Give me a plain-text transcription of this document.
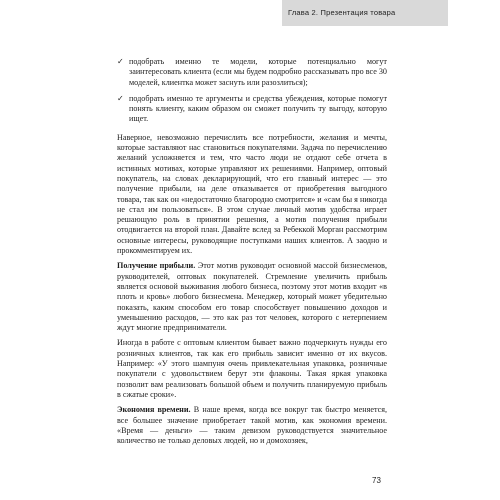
Глава 2. Презентация товара
✓ подобрать именно те модели, которые потенциально могут заинтересовать клиента (если мы будем подробно рассказывать про все 30 моделей, клиентка может заснуть или разозлиться);
✓ подобрать именно те аргументы и средства убеждения, которые помогут понять клиенту, каким образом он сможет получить ту выгоду, которую ищет.

Наверное, невозможно перечислить все потребности, желания и мечты, которые заставляют нас становиться покупателями. Задача по перечислению желаний усложняется и тем, что часто люди не отдают себе отчета в истинных мотивах, которые управляют их решениями. Например, оптовый покупатель, на словах декларирующий, что его главный интерес — это получение прибыли, на деле отказывается от приобретения выгодного товара, так как он «недостаточно благородно смотрится» и «сам бы я никогда не стал им пользоваться». В этом случае личный мотив удобства играет решающую роль в принятии решения, а мотив получения прибыли отодвигается на второй план. Давайте вслед за Ребеккой Морган рассмотрим основные интересы, руководящие поступками наших клиентов. А заодно и прокомментируем их.

Получение прибыли. Этот мотив руководит основной массой бизнесменов, руководителей, оптовых покупателей. Стремление увеличить прибыль является основой выживания любого бизнеса, поэтому этот мотив входит «в плоть и кровь» любого бизнесмена. Менеджер, который может убедительно показать, каким способом его товар способствует повышению доходов и уменьшению расходов, — это как раз тот человек, которого с нетерпением ждут многие предприниматели.

Иногда в работе с оптовым клиентом бывает важно подчеркнуть нужды его розничных клиентов, так как его прибыль зависит именно от их вкусов. Например: «У этого шампуня очень привлекательная упаковка, розничные покупатели с удовольствием берут эти флаконы. Такая яркая упаковка позволит вам реализовать большой объем и получить планируемую прибыль в сжатые сроки».

Экономия времени. В наше время, когда все вокруг так быстро меняется, все большее значение приобретает такой мотив, как экономия времени. «Время — деньги» — таким девизом руководствуется значительное количество не только деловых людей, но и домохозяек,

73
